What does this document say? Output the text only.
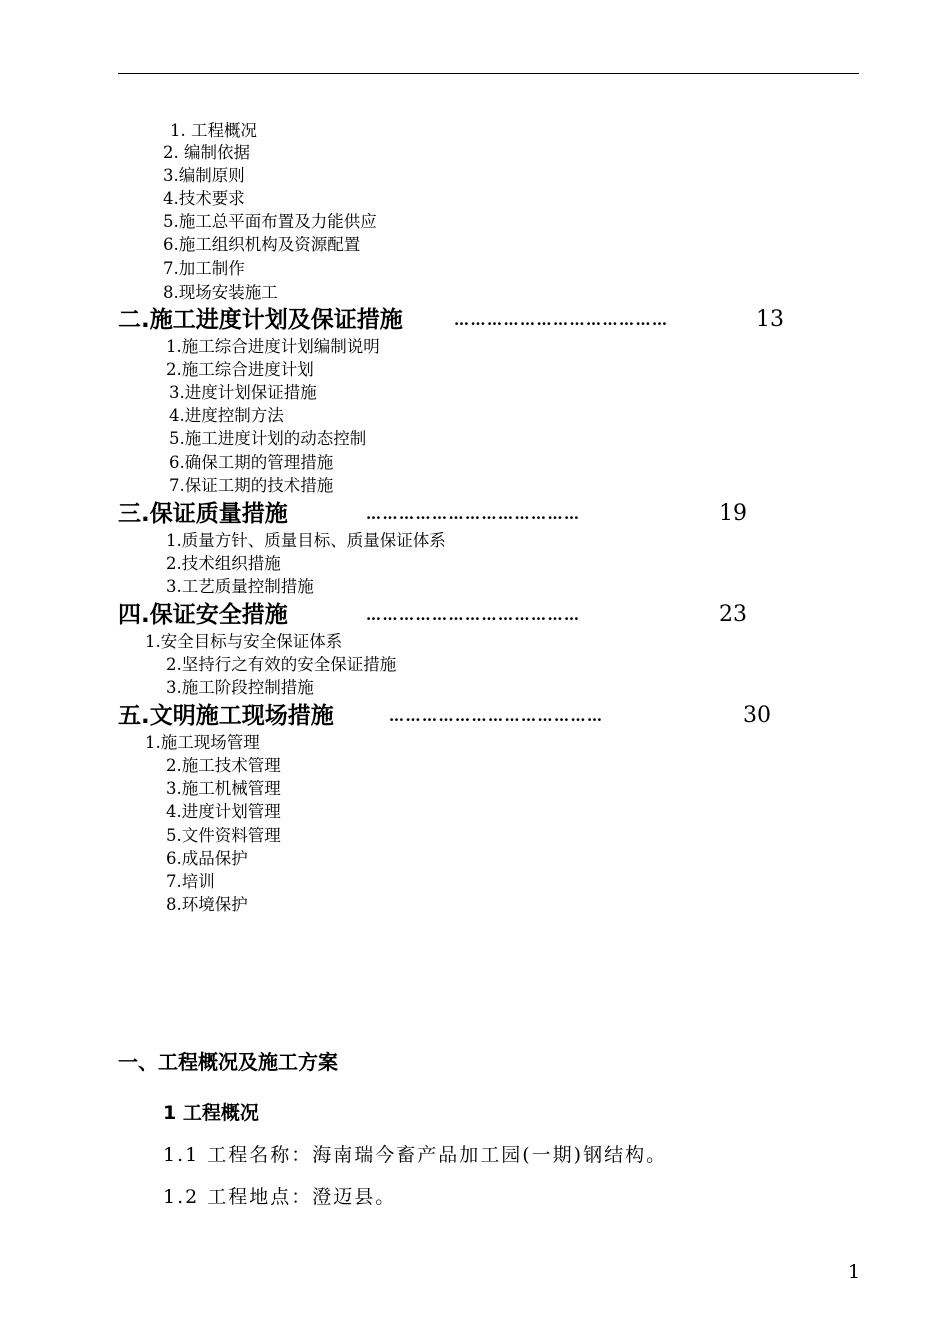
1. 工程概况
2. 编制依据
3.编制原则
4.技术要求
5.施工总平面布置及力能供应
6.施工组织机构及资源配置
7.加工制作
8.现场安装施工
二.施工进度计划及保证措施	…………………………………	13
1.施工综合进度计划编制说明
2.施工综合进度计划
3.进度计划保证措施
4.进度控制方法
5.施工进度计划的动态控制
6.确保工期的管理措施
7.保证工期的技术措施
三.保证质量措施	…………………………………	19
1.质量方针、质量目标、质量保证体系
2.技术组织措施
3.工艺质量控制措施
四.保证安全措施	…………………………………	23
1.安全目标与安全保证体系
2.坚持行之有效的安全保证措施
3.施工阶段控制措施
五.文明施工现场措施	…………………………………	30
1.施工现场管理
2.施工技术管理
3.施工机械管理
4.进度计划管理
5.文件资料管理
6.成品保护
7.培训
8.环境保护
一、工程概况及施工方案
1 工程概况
1.1 工程名称：海南瑞今畜产品加工园(一期)钢结构。
1.2 工程地点：澄迈县。
1
